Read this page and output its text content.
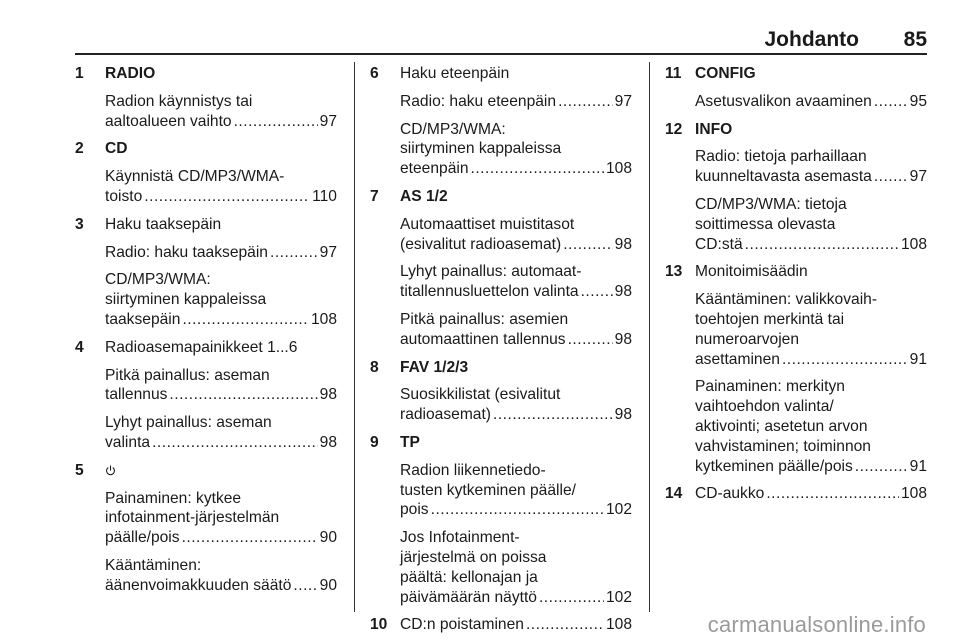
Johdanto 85
1 RADIO
Radion käynnistys tai
aaltoalueen vaihto .....	97
2 CD
Käynnistä CD/MP3/WMA-
toisto .....	110
3 Haku taaksepäin
Radio: haku taaksepäin .....	97
CD/MP3/WMA:
siirtyminen kappaleissa
taaksepäin .....	108
4 Radioasemapainikkeet 1...6
Pitkä painallus: aseman
tallennus .....	98
Lyhyt painallus: aseman
valinta .....	98
5
Painaminen: kytkee
infotainment-järjestelmän
päälle/pois .....	90
Kääntäminen:
äänenvoimakkuuden säätö ..... 90
6 Haku eteenpäin
Radio: haku eteenpäin .....	97
CD/MP3/WMA:
siirtyminen kappaleissa
eteenpäin .....	108
7 AS 1/2
Automaattiset muistitasot
(esivalitut radioasemat) .....	98
Lyhyt painallus: automaat-
titallennusluettelon valinta ..... 98
Pitkä painallus: asemien
automaattinen tallennus .....	98
8 FAV 1/2/3
Suosikkilistat (esivalitut
radioasemat) .....	98
9 TP
Radion liikennetiedo-
tusten kytkeminen päälle/
pois .....	102
Jos Infotainment-
järjestelmä on poissa
päältä: kellonajan ja
päivämäärän näyttö .....	102
10 CD:n poistaminen .....	108
11 CONFIG
Asetusvalikon avaaminen ..... 95
12 INFO
Radio: tietoja parhaillaan
kuunneltavasta asemasta ..... 97
CD/MP3/WMA: tietoja
soittimessa olevasta
CD:stä .....	108
13 Monitoimisäädin
Kääntäminen: valikkovaih-
toehtojen merkintä tai
numeroarvojen
asettaminen .....	91
Painaminen: merkityn
vaihtoehdon valinta/
aktivointi; asetetun arvon
vahvistaminen; toiminnon
kytkeminen päälle/pois .....	91
14 CD-aukko .....	108
carmanualsonline.info
